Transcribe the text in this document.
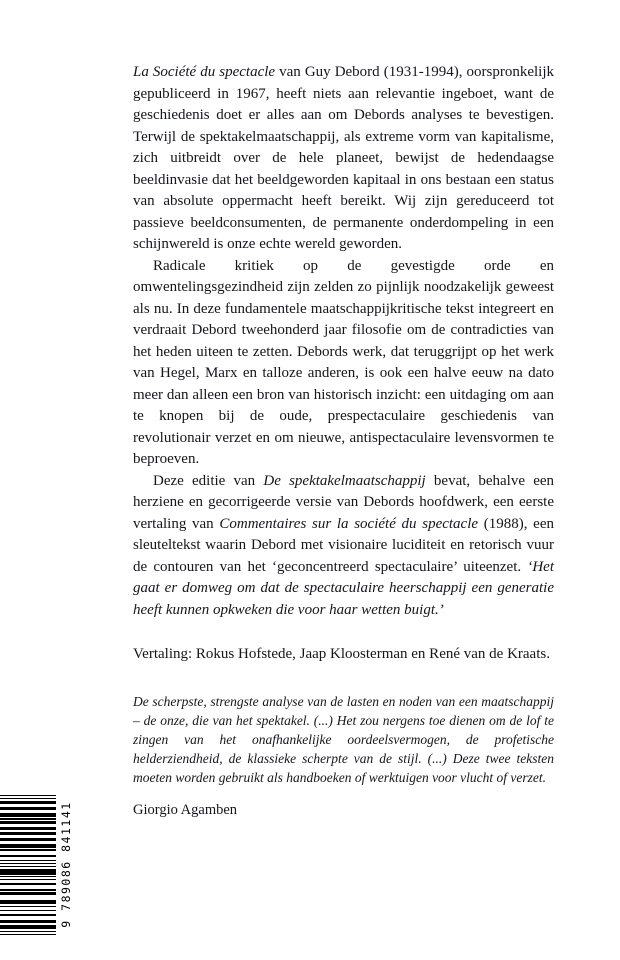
La Société du spectacle van Guy Debord (1931-1994), oorspronkelijk gepubliceerd in 1967, heeft niets aan relevantie ingeboet, want de geschiedenis doet er alles aan om Debords analyses te bevestigen. Terwijl de spektakelmaatschappij, als extreme vorm van kapitalisme, zich uitbreidt over de hele planeet, bewijst de hedendaagse beeldinvasie dat het beeldgeworden kapitaal in ons bestaan een status van absolute oppermacht heeft bereikt. Wij zijn gereduceerd tot passieve beeldconsumenten, de permanente onderdompeling in een schijnwereld is onze echte wereld geworden.

Radicale kritiek op de gevestigde orde en omwentelingsgezindheid zijn zelden zo pijnlijk noodzakelijk geweest als nu. In deze fundamentele maatschappijkritische tekst integreert en verdraait Debord tweehonderd jaar filosofie om de contradicties van het heden uiteen te zetten. Debords werk, dat teruggrijpt op het werk van Hegel, Marx en talloze anderen, is ook een halve eeuw na dato meer dan alleen een bron van historisch inzicht: een uitdaging om aan te knopen bij de oude, prespectaculaire geschiedenis van revolutionair verzet en om nieuwe, antispectaculaire levensvormen te beproeven.

Deze editie van De spektakelmaatschappij bevat, behalve een herziene en gecorrigeerde versie van Debords hoofdwerk, een eerste vertaling van Commentaires sur la société du spectacle (1988), een sleuteltekst waarin Debord met visionaire luciditeit en retorisch vuur de contouren van het ‘geconcentreerd spectaculaire’ uiteenzet. ‘Het gaat er domweg om dat de spectaculaire heerschappij een generatie heeft kunnen opkweken die voor haar wetten buigt.’

Vertaling: Rokus Hofstede, Jaap Kloosterman en René van de Kraats.

De scherpste, strengste analyse van de lasten en noden van een maatschappij – de onze, die van het spektakel. (...) Het zou nergens toe dienen om de lof te zingen van het onafhankelijke oordeelsvermogen, de profetische helderziendheid, de klassieke scherpte van de stijl. (...) Deze twee teksten moeten worden gebruikt als handboeken of werktuigen voor vlucht of verzet.

Giorgio Agamben

9 789086 841141
